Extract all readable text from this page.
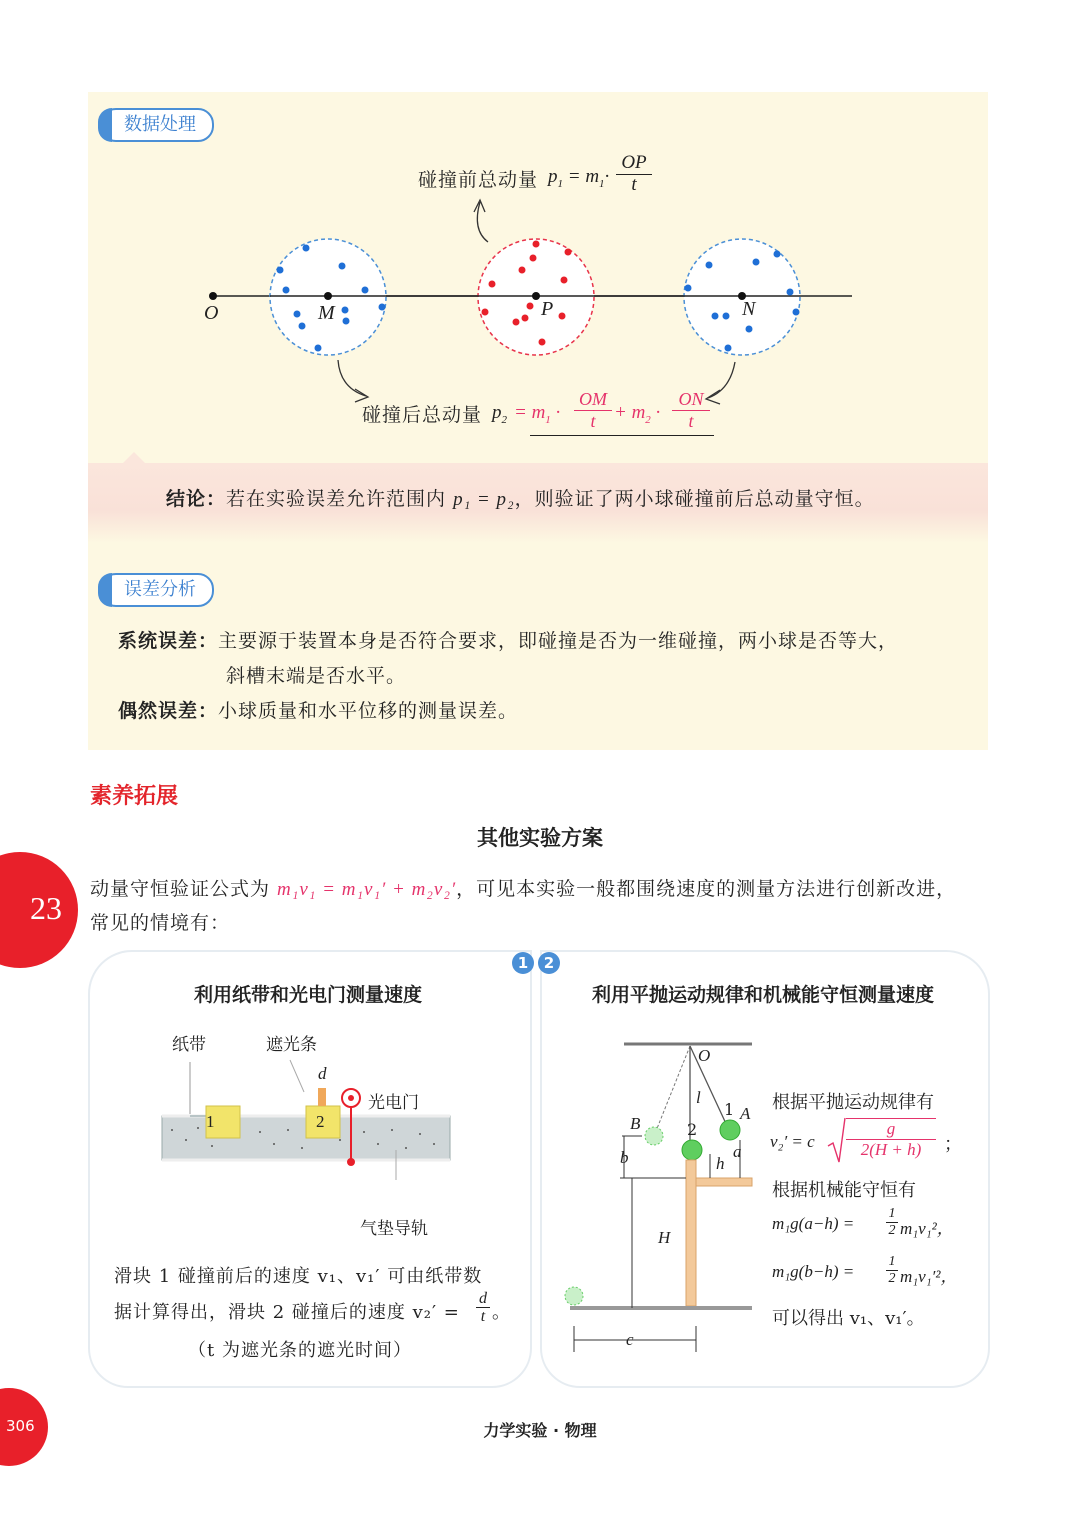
数据处理
O	M	P	N
碰撞前总动量 $p_1 = m_1\cdot$
OP
t
碰撞后总动量 $p_2 = m_1$ ·
OM
$t + m_2$ ·
ON
t
结论：若在实验误差允许范围内 p₁ = p₂，则验证了两小球碰撞前后总动量守恒。
误差分析
系统误差：主要源于装置本身是否符合要求，即碰撞是否为一维碰撞，两小球是否等大，
斜槽末端是否水平。
偶然误差：小球质量和水平位移的测量误差。
素养拓展
其他实验方案
23
动量守恒验证公式为 m₁v₁ = m₁v₁′ + m₂v₂′，可见本实验一般都围绕速度的测量方法进行创新改进，
常见的情境有：
1
利用纸带和光电门测量速度
1	2
纸带	遮光条
d
光电门
气垫导轨
滑块 1 碰撞前后的速度 v₁、v₁′ 可由纸带数
据计算得出，滑块 2 碰撞后的速度 v₂′ =
d
t 。
（t 为遮光条的遮光时间）
2
利用平抛运动规律和机械能守恒测量速度
O
l
A
1
2
B
b	h
a
H
c
根据平抛运动规律有
v₂′ = c
g
2(H + h)	；
根据机械能守恒有
m₁g(a−h) =
1
2 m₁v₁²，
m₁g(b−h) =
1
2 m₁v₁′²，
可以得出 v₁、v₁′。
306	力学实验 · 物理
